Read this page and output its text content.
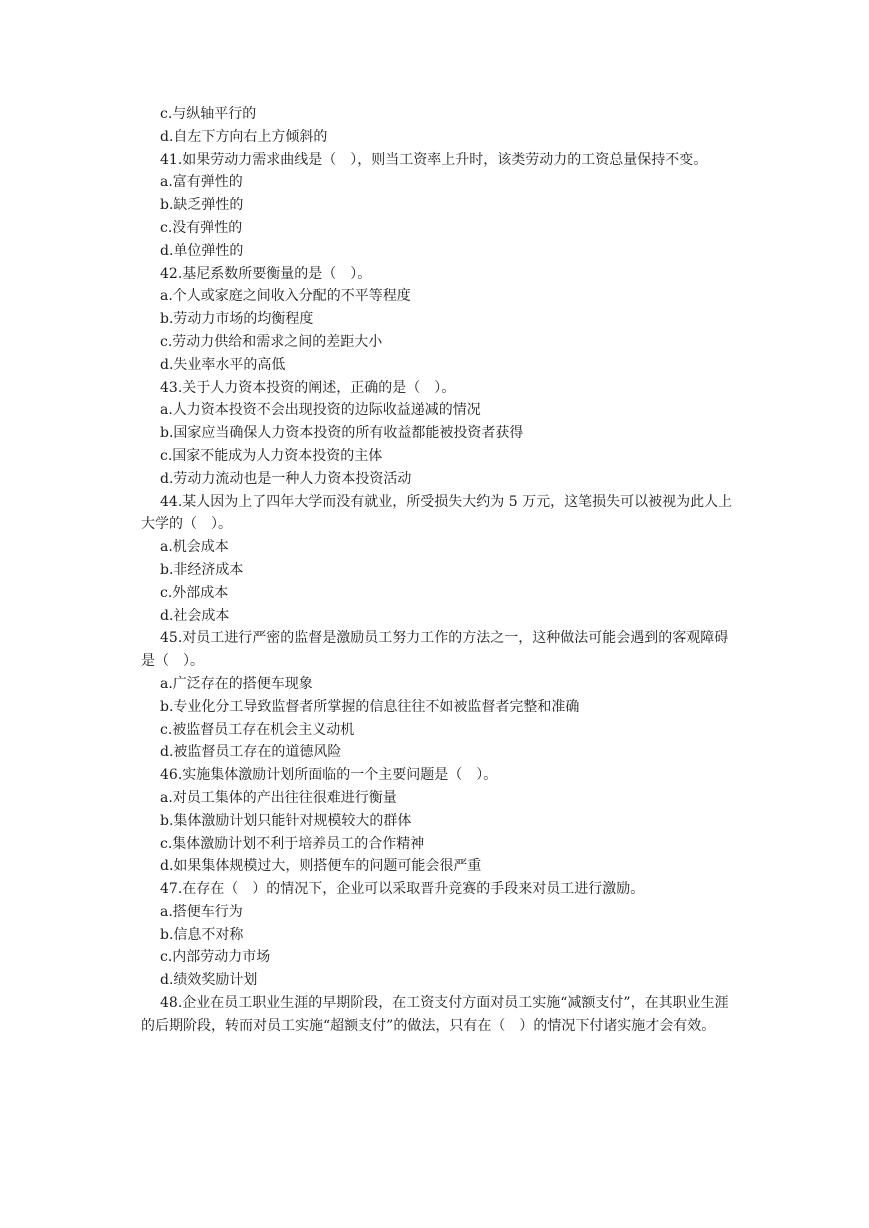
c.与纵轴平行的
d.自左下方向右上方倾斜的
41.如果劳动力需求曲线是（　），则当工资率上升时，该类劳动力的工资总量保持不变。
a.富有弹性的
b.缺乏弹性的
c.没有弹性的
d.单位弹性的
42.基尼系数所要衡量的是（　）。
a.个人或家庭之间收入分配的不平等程度
b.劳动力市场的均衡程度
c.劳动力供给和需求之间的差距大小
d.失业率水平的高低
43.关于人力资本投资的阐述，正确的是（　）。
a.人力资本投资不会出现投资的边际收益递减的情况
b.国家应当确保人力资本投资的所有收益都能被投资者获得
c.国家不能成为人力资本投资的主体
d.劳动力流动也是一种人力资本投资活动
44.某人因为上了四年大学而没有就业，所受损失大约为 5 万元，这笔损失可以被视为此人上大学的（　）。
a.机会成本
b.非经济成本
c.外部成本
d.社会成本
45.对员工进行严密的监督是激励员工努力工作的方法之一，这种做法可能会遇到的客观障碍是（　）。
a.广泛存在的搭便车现象
b.专业化分工导致监督者所掌握的信息往往不如被监督者完整和准确
c.被监督员工存在机会主义动机
d.被监督员工存在的道德风险
46.实施集体激励计划所面临的一个主要问题是（　）。
a.对员工集体的产出往往很难进行衡量
b.集体激励计划只能针对规模较大的群体
c.集体激励计划不利于培养员工的合作精神
d.如果集体规模过大，则搭便车的问题可能会很严重
47.在存在（　）的情况下，企业可以采取晋升竞赛的手段来对员工进行激励。
a.搭便车行为
b.信息不对称
c.内部劳动力市场
d.绩效奖励计划
48.企业在员工职业生涯的早期阶段，在工资支付方面对员工实施“减额支付”，在其职业生涯的后期阶段，转而对员工实施“超额支付”的做法，只有在（　）的情况下付诸实施才会有效。
